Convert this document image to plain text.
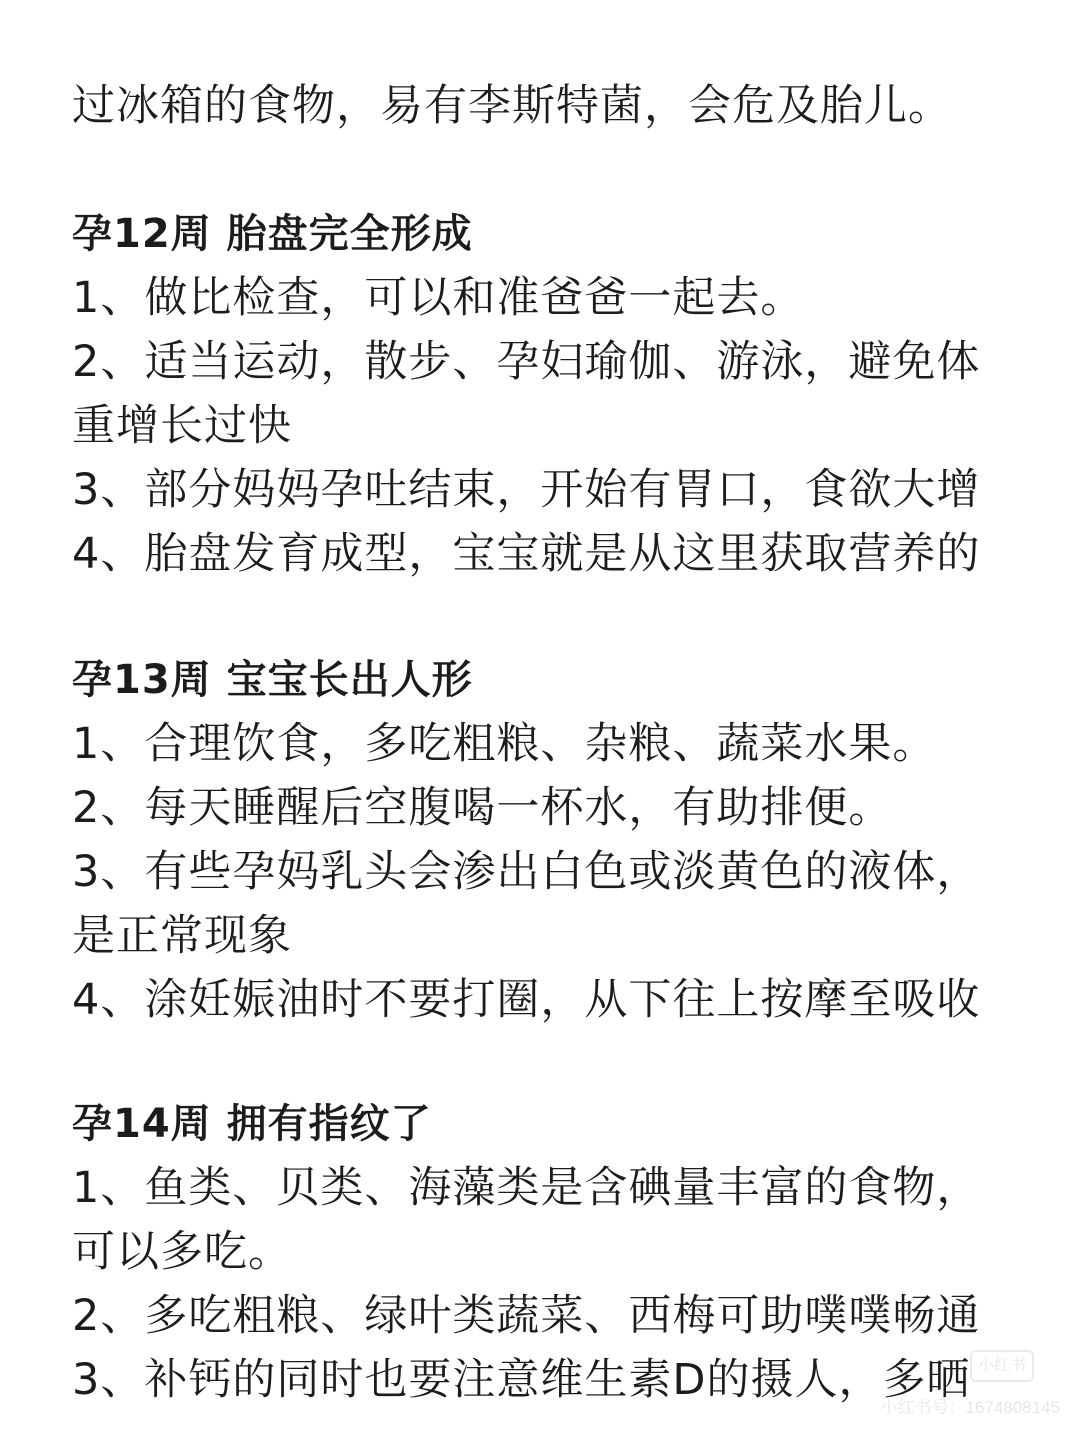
过冰箱的食物，易有李斯特菌，会危及胎儿。
孕12周 胎盘完全形成
1、做比检查，可以和准爸爸一起去。
2、适当运动，散步、孕妇瑜伽、游泳，避免体
重增长过快
3、部分妈妈孕吐结束，开始有胃口，食欲大增
4、胎盘发育成型，宝宝就是从这里获取营养的
孕13周 宝宝长出人形
1、合理饮食，多吃粗粮、杂粮、蔬菜水果。
2、每天睡醒后空腹喝一杯水，有助排便。
3、有些孕妈乳头会渗出白色或淡黄色的液体，
是正常现象
4、涂妊娠油时不要打圈，从下往上按摩至吸收
孕14周 拥有指纹了
1、鱼类、贝类、海藻类是含碘量丰富的食物，
可以多吃。
2、多吃粗粮、绿叶类蔬菜、西梅可助噗噗畅通
3、补钙的同时也要注意维生素D的摄人，多晒 小红书
小红书号：1674808145
